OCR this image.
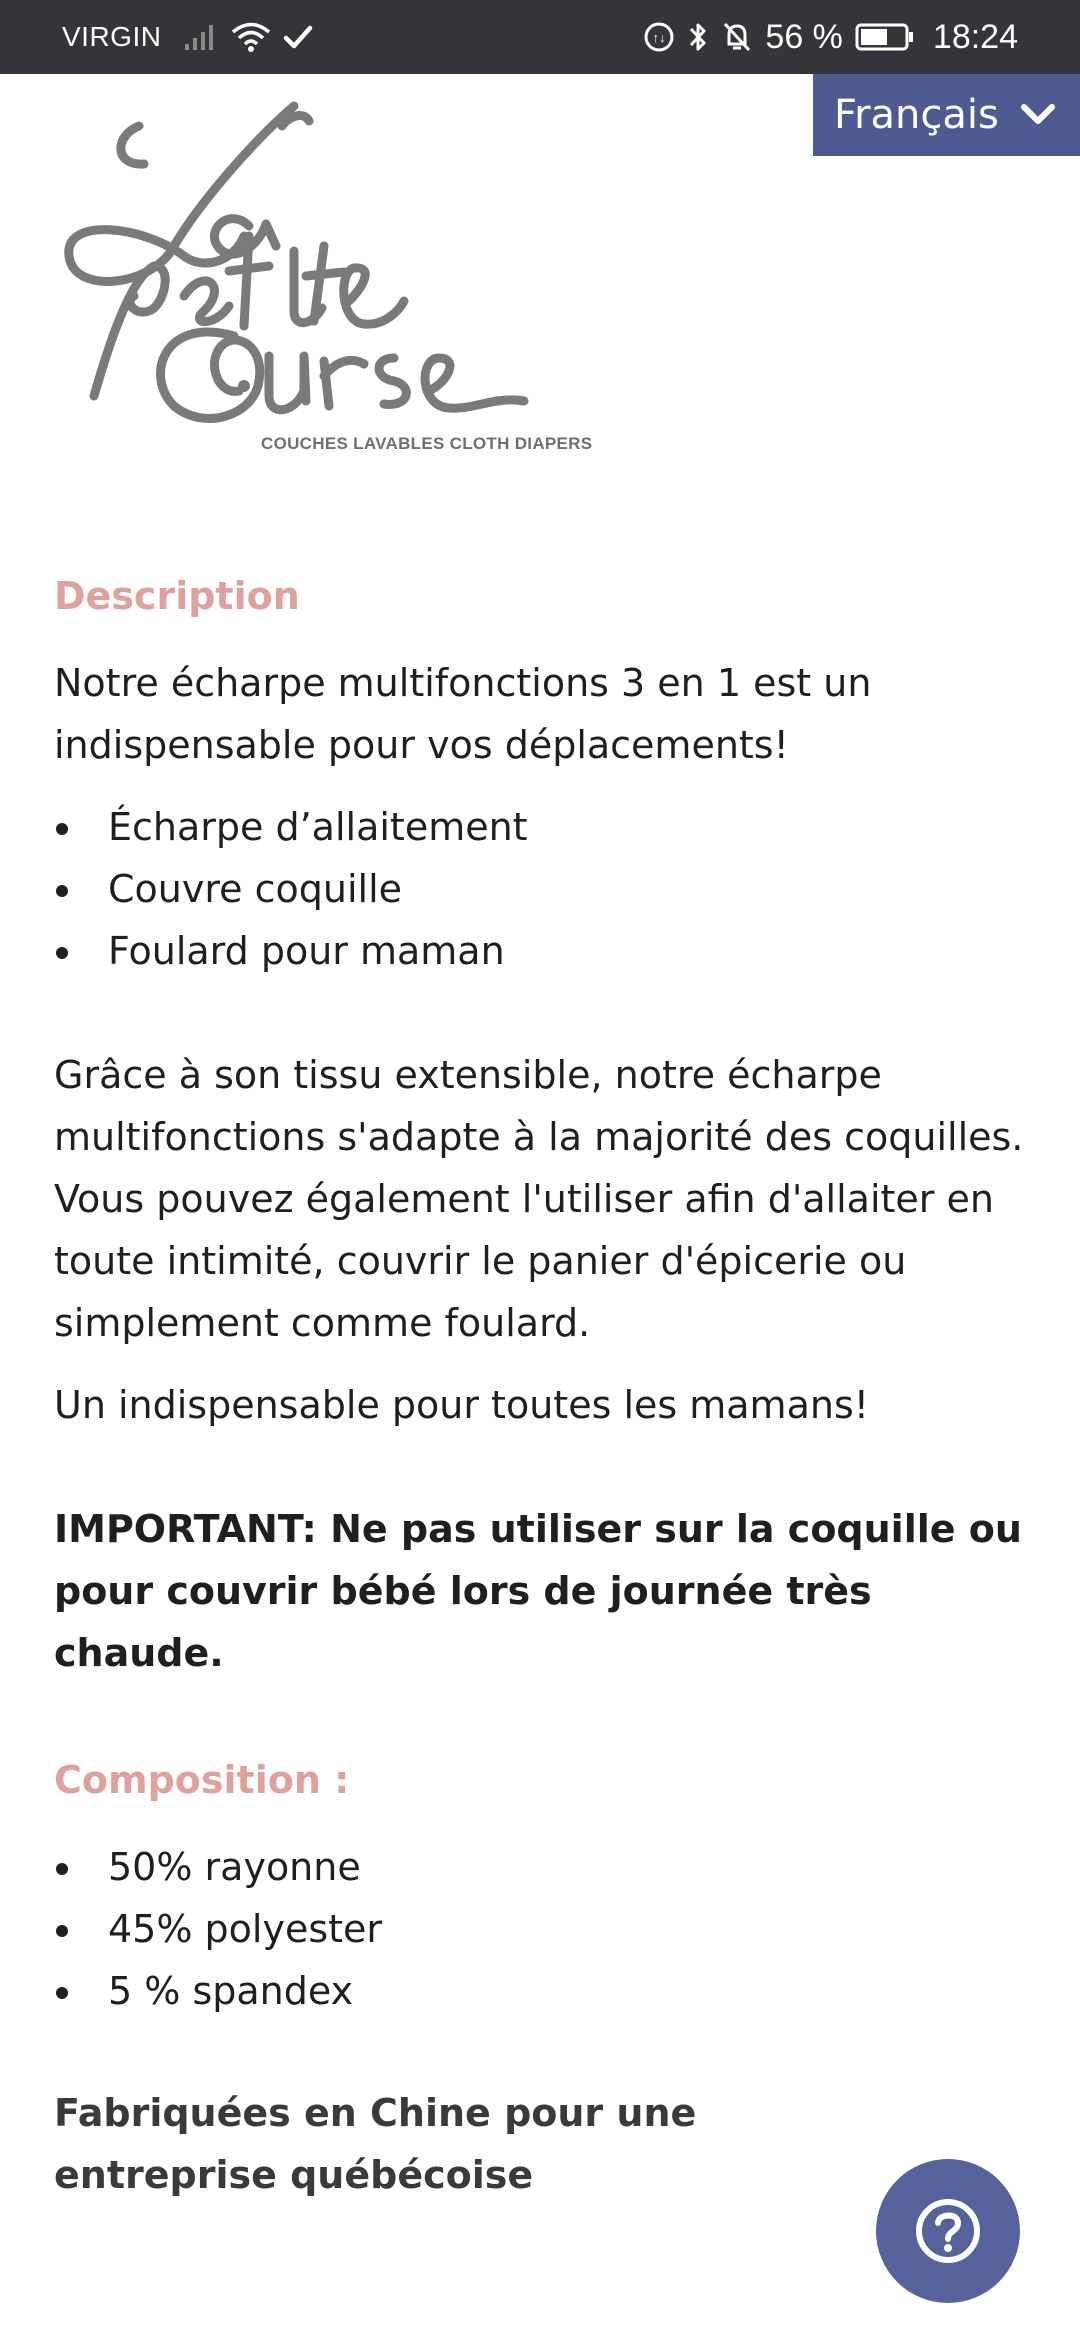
VIRGIN	↑↓	56 %	18:24
Français
COUCHES LAVABLES CLOTH DIAPERS
Description

Notre écharpe multifonctions 3 en 1 est un indispensable pour vos déplacements!

Écharpe d’allaitement
Couvre coquille
Foulard pour maman

Grâce à son tissu extensible, notre écharpe multifonctions s'adapte à la majorité des coquilles. Vous pouvez également l'utiliser afin d'allaiter en toute intimité, couvrir le panier d'épicerie ou simplement comme foulard.

Un indispensable pour toutes les mamans!

IMPORTANT: Ne pas utiliser sur la coquille ou pour couvrir bébé lors de journée très chaude.

Composition :
50% rayonne
45% polyester
5 % spandex

Fabriquées en Chine pour une entreprise québécoise
